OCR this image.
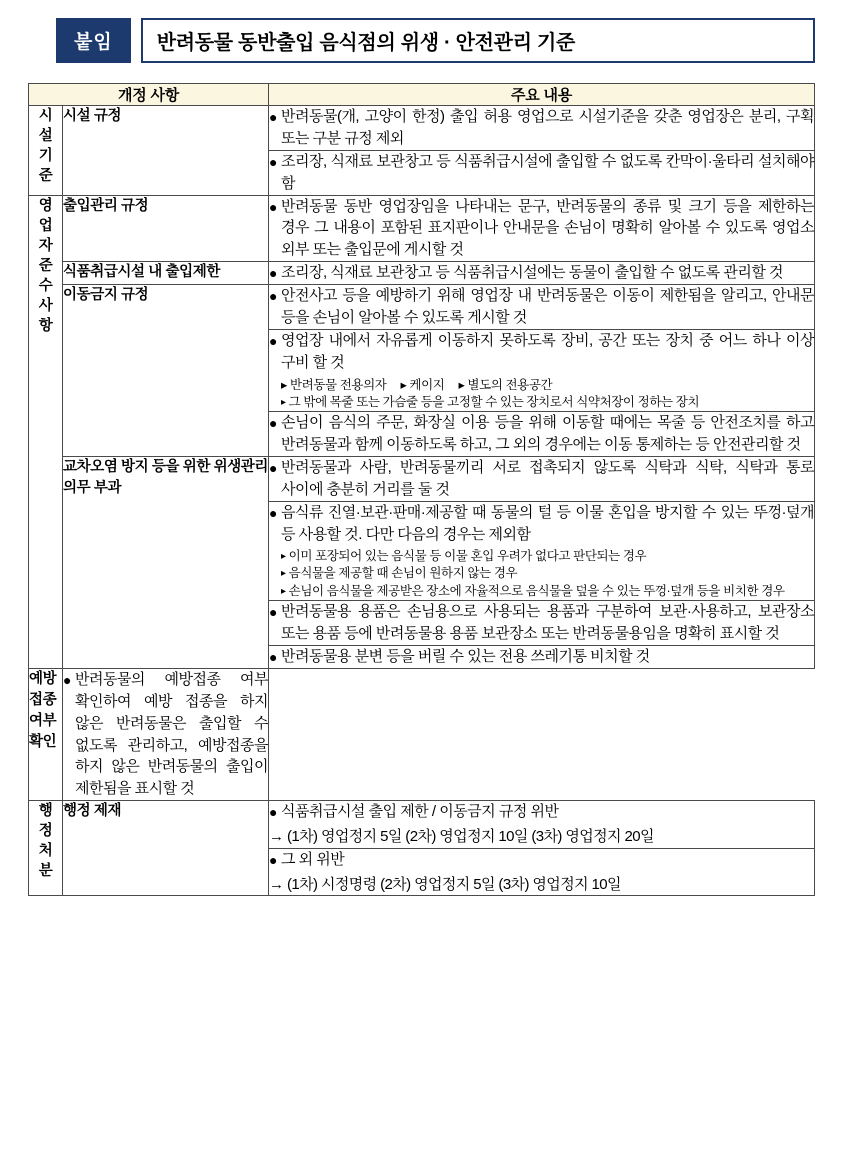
붙임	반려동물 동반출입 음식점의 위생 · 안전관리 기준
개정 사항		주요 내용

시
설
기
준
	시설 규정	● 반려동물(개, 고양이 한정) 출입 허용 영업으로 시설기준을 갖춘 영업장은 분리, 구획 또는 구분 규정 제외

		● 조리장, 식재료 보관창고 등 식품취급시설에 출입할 수 없도록 칸막이·울타리 설치해야 함

영
업
자
준
수
사
항
	출입관리 규정	● 반려동물 동반 영업장임을 나타내는 문구, 반려동물의 종류 및 크기 등을 제한하는 경우 그 내용이 포함된 표지판이나 안내문을 손님이 명확히 알아볼 수 있도록 영업소 외부 또는 출입문에 게시할 것

	식품취급시설 내 출입제한	● 조리장, 식재료 보관창고 등 식품취급시설에는 동물이 출입할 수 없도록 관리할 것

	이동금지 규정	● 안전사고 등을 예방하기 위해 영업장 내 반려동물은 이동이 제한됨을 알리고, 안내문 등을 손님이 알아볼 수 있도록 게시할 것

● 영업장 내에서 자유롭게 이동하지 못하도록 장비, 공간 또는 장치 중 어느 하나 이상 구비 할 것
▸ 반려동물 전용의자 ▸ 케이지 ▸ 별도의 전용공간
▸ 그 밖에 목줄 또는 가슴줄 등을 고정할 수 있는 장치로서 식약처장이 정하는 장치

		● 손님이 음식의 주문, 화장실 이용 등을 위해 이동할 때에는 목줄 등 안전조치를 하고 반려동물과 함께 이동하도록 하고, 그 외의 경우에는 이동 통제하는 등 안전관리할 것

	교차오염 방지 등을 위한 위생관리 의무 부과	● 반려동물과 사람, 반려동물끼리 서로 접촉되지 않도록 식탁과 식탁, 식탁과 통로 사이에 충분히 거리를 둘 것

● 음식류 진열·보관·판매·제공할 때 동물의 털 등 이물 혼입을 방지할 수 있는 뚜껑·덮개 등 사용할 것. 다만 다음의 경우는 제외함
▸ 이미 포장되어 있는 음식물 등 이물 혼입 우려가 없다고 판단되는 경우
▸ 음식물을 제공할 때 손님이 원하지 않는 경우
▸ 손님이 음식물을 제공받은 장소에 자율적으로 음식물을 덮을 수 있는 뚜껑·덮개 등을 비치한 경우

		● 반려동물용 용품은 손님용으로 사용되는 용품과 구분하여 보관·사용하고, 보관장소 또는 용품 등에 반려동물용 용품 보관장소 또는 반려동물용임을 명확히 표시할 것

		● 반려동물용 분변 등을 버릴 수 있는 전용 쓰레기통 비치할 것

예방접종 여부 확인	● 반려동물의 예방접종 여부 확인하여 예방 접종을 하지 않은 반려동물은 출입할 수 없도록 관리하고, 예방접종을 하지 않은 반려동물의 출입이 제한됨을 표시할 것	

행
정
처
분
	행정 제재	● 식품취급시설 출입 제한 / 이동금지 규정 위반
→ (1차) 영업정지 5일 (2차) 영업정지 10일 (3차) 영업정지 20일

		● 그 외 위반
→ (1차) 시정명령 (2차) 영업정지 5일 (3차) 영업정지 10일
